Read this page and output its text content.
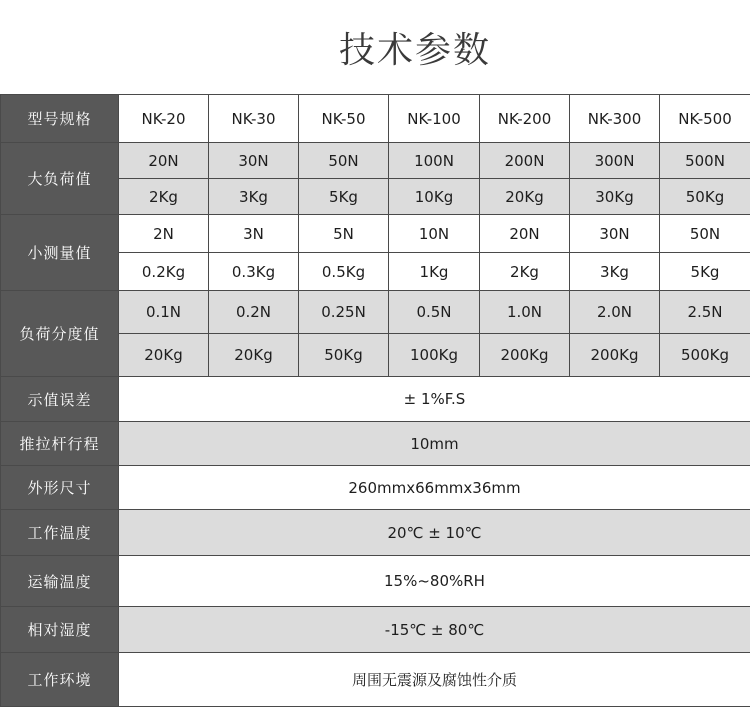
技术参数
型号规格	NK-20	NK-30	NK-50	NK-100	NK-200	NK-300	NK-500
大负荷值	20N	30N	50N	100N	200N	300N	500N
	2Kg	3Kg	5Kg	10Kg	20Kg	30Kg	50Kg
小测量值	2N	3N	5N	10N	20N	30N	50N
	0.2Kg	0.3Kg	0.5Kg	1Kg	2Kg	3Kg	5Kg
负荷分度值	0.1N	0.2N	0.25N	0.5N	1.0N	2.0N	2.5N
	20Kg	20Kg	50Kg	100Kg	200Kg	200Kg	500Kg
示值误差	± 1%F.S						
推拉杆行程	10mm						
外形尺寸	260mmx66mmx36mm						
工作温度	20℃ ± 10℃						
运输温度	15%~80%RH						
相对湿度	-15℃ ± 80℃						
工作环境	周围无震源及腐蚀性介质						
